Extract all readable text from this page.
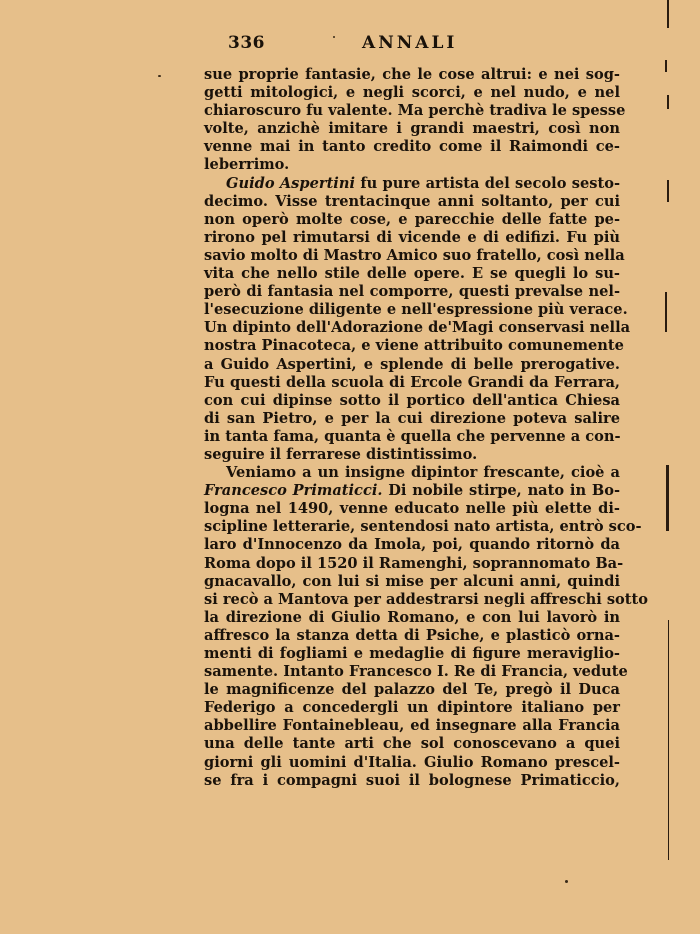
336	ANNALI
sue proprie fantasie, che le cose altrui: e nei sog-
getti mitologici, e negli scorci, e nel nudo, e nel
chiaroscuro fu valente. Ma perchè tradiva le spesse
volte, anzichè imitare i grandi maestri, così non
venne mai in tanto credito come il Raimondi ce-
leberrimo.
Guido Aspertini fu pure artista del secolo sesto-
decimo. Visse trentacinque anni soltanto, per cui
non operò molte cose, e parecchie delle fatte pe-
rirono pel rimutarsi di vicende e di edifizi. Fu più
savio molto di Mastro Amico suo fratello, così nella
vita che nello stile delle opere. E se quegli lo su-
però di fantasia nel comporre, questi prevalse nel-
l'esecuzione diligente e nell'espressione più verace.
Un dipinto dell'Adorazione de'Magi conservasi nella
nostra Pinacoteca, e viene attribuito comunemente
a Guido Aspertini, e splende di belle prerogative.
Fu questi della scuola di Ercole Grandi da Ferrara,
con cui dipinse sotto il portico dell'antica Chiesa
di san Pietro, e per la cui direzione poteva salire
in tanta fama, quanta è quella che pervenne a con-
seguire il ferrarese distintissimo.
Veniamo a un insigne dipintor frescante, cioè a
Francesco Primaticci. Di nobile stirpe, nato in Bo-
logna nel 1490, venne educato nelle più elette di-
scipline letterarie, sentendosi nato artista, entrò sco-
laro d'Innocenzo da Imola, poi, quando ritornò da
Roma dopo il 1520 il Ramenghi, soprannomato Ba-
gnacavallo, con lui si mise per alcuni anni, quindi
si recò a Mantova per addestrarsi negli affreschi sotto
la direzione di Giulio Romano, e con lui lavorò in
affresco la stanza detta di Psiche, e plasticò orna-
menti di fogliami e medaglie di figure meraviglio-
samente. Intanto Francesco I. Re di Francia, vedute
le magnificenze del palazzo del Te, pregò il Duca
Federigo a concedergli un dipintore italiano per
abbellire Fontainebleau, ed insegnare alla Francia
una delle tante arti che sol conoscevano a quei
giorni gli uomini d'Italia. Giulio Romano prescel-
se fra i compagni suoi il bolognese Primaticcio,
